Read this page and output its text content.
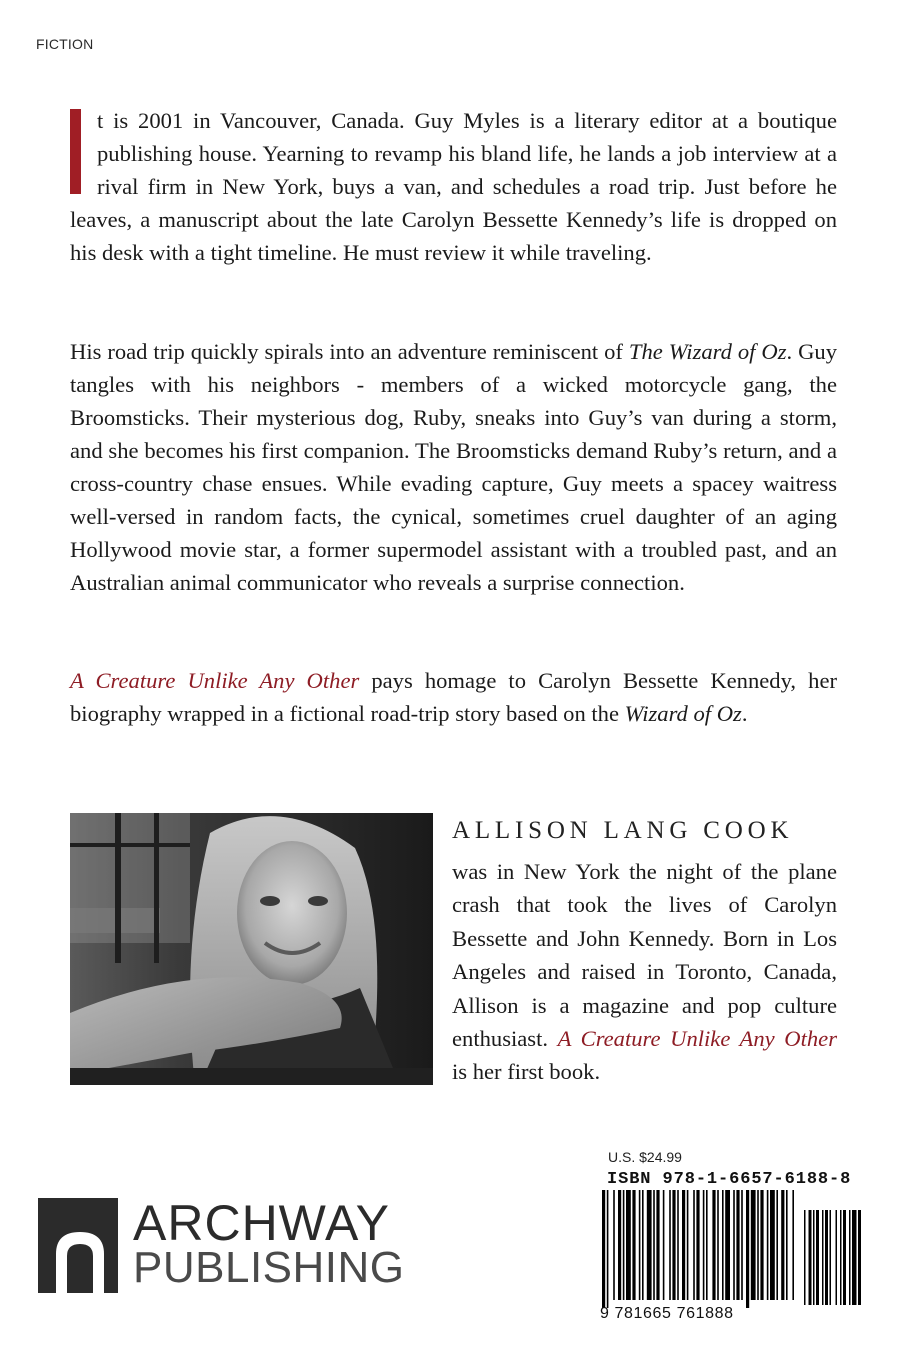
FICTION

t is 2001 in Vancouver, Canada. Guy Myles is a literary editor at a boutique publishing house. Yearning to revamp his bland life, he lands a job interview at a rival firm in New York, buys a van, and schedules a road trip. Just before he leaves, a manuscript about the late Carolyn Bessette Kennedy’s life is dropped on his desk with a tight timeline. He must review it while traveling.

His road trip quickly spirals into an adventure reminiscent of The Wizard of Oz. Guy tangles with his neighbors - members of a wicked motorcycle gang, the Broomsticks. Their mysterious dog, Ruby, sneaks into Guy’s van during a storm, and she becomes his first companion. The Broomsticks demand Ruby’s return, and a cross-country chase ensues. While evading capture, Guy meets a spacey waitress well-versed in random facts, the cynical, sometimes cruel daughter of an aging Hollywood movie star, a former supermodel assistant with a troubled past, and an Australian animal communicator who reveals a surprise connection.

A Creature Unlike Any Other pays homage to Carolyn Bessette Kennedy, her biography wrapped in a fictional road-trip story based on the Wizard of Oz.

ALLISON LANG COOK

was in New York the night of the plane crash that took the lives of Carolyn Bessette and John Kennedy. Born in Los Angeles and raised in Toronto, Canada, Allison is a magazine and pop culture enthusiast. A Creature Unlike Any Other is her first book.

ARCHWAY
PUBLISHING
U.S. $24.99
ISBN 978-1-6657-6188-8
9 781665 761888
